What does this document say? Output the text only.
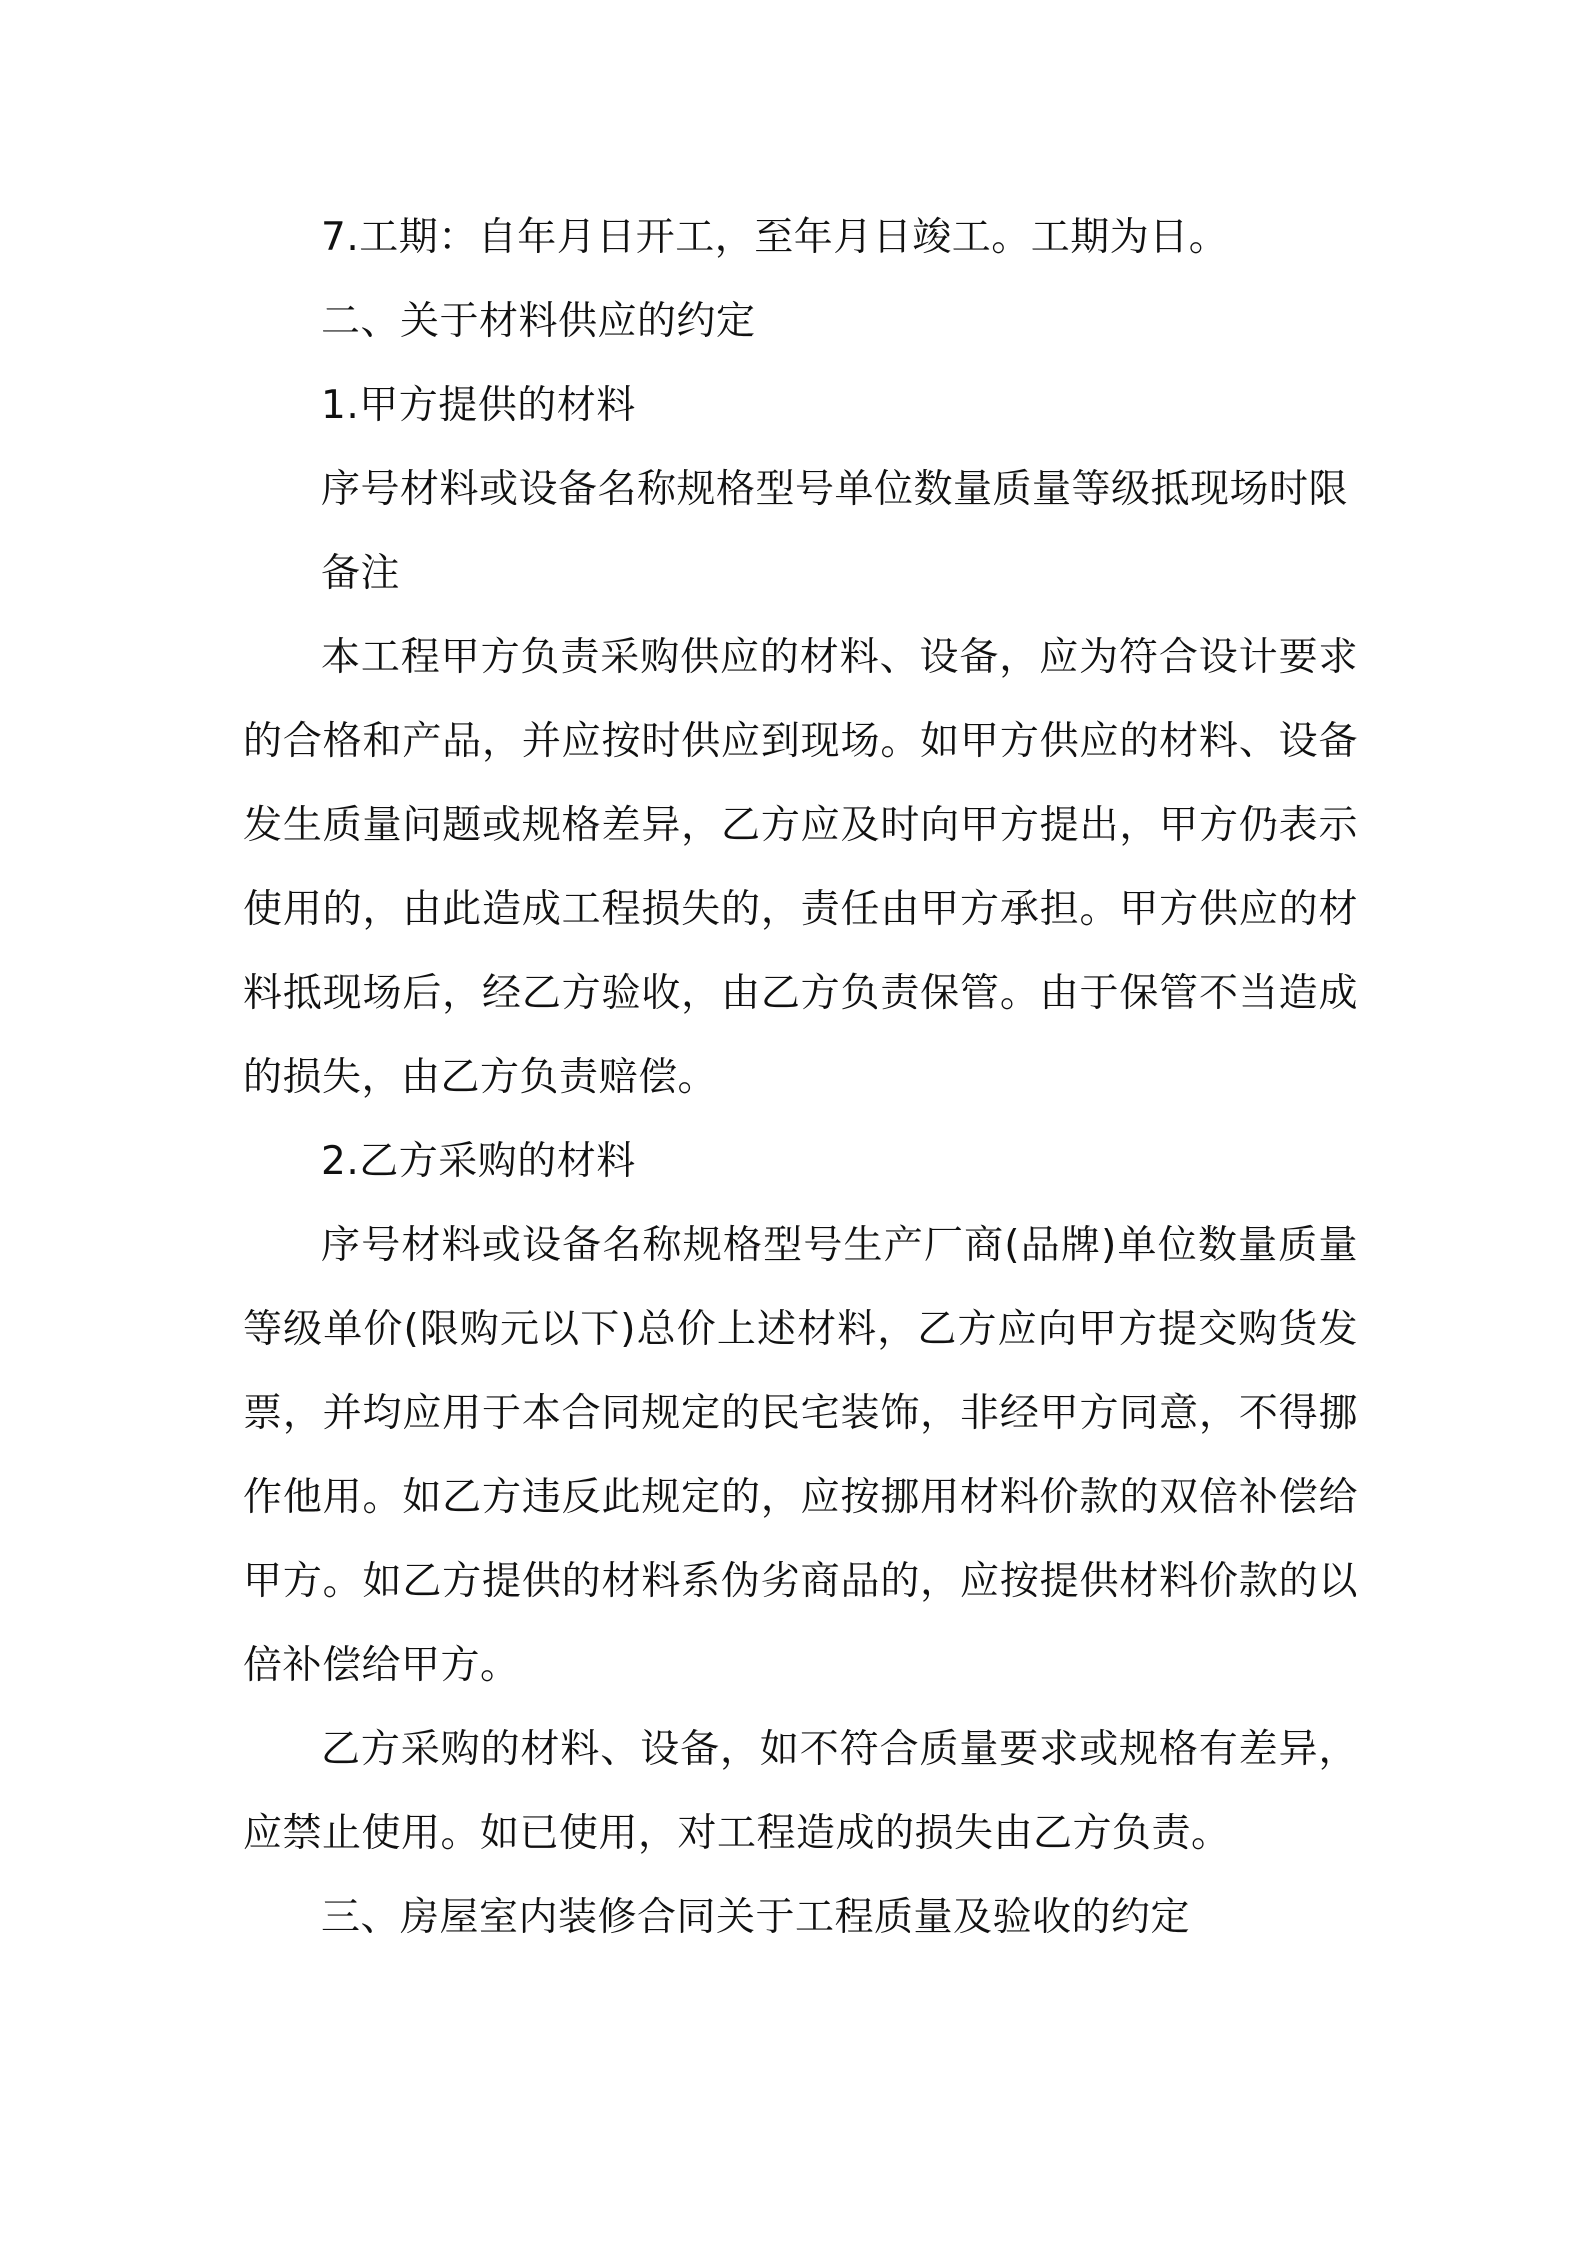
7.工期：自年月日开工，至年月日竣工。工期为日。

二、关于材料供应的约定

1.甲方提供的材料

序号材料或设备名称规格型号单位数量质量等级抵现场时限

备注

本工程甲方负责采购供应的材料、设备，应为符合设计要求的合格和产品，并应按时供应到现场。如甲方供应的材料、设备发生质量问题或规格差异，乙方应及时向甲方提出，甲方仍表示使用的，由此造成工程损失的，责任由甲方承担。甲方供应的材料抵现场后，经乙方验收，由乙方负责保管。由于保管不当造成的损失，由乙方负责赔偿。

2.乙方采购的材料

序号材料或设备名称规格型号生产厂商(品牌)单位数量质量等级单价(限购元以下)总价上述材料，乙方应向甲方提交购货发票，并均应用于本合同规定的民宅装饰，非经甲方同意，不得挪作他用。如乙方违反此规定的，应按挪用材料价款的双倍补偿给甲方。如乙方提供的材料系伪劣商品的，应按提供材料价款的以倍补偿给甲方。

乙方采购的材料、设备，如不符合质量要求或规格有差异，应禁止使用。如已使用，对工程造成的损失由乙方负责。

三、房屋室内装修合同关于工程质量及验收的约定
